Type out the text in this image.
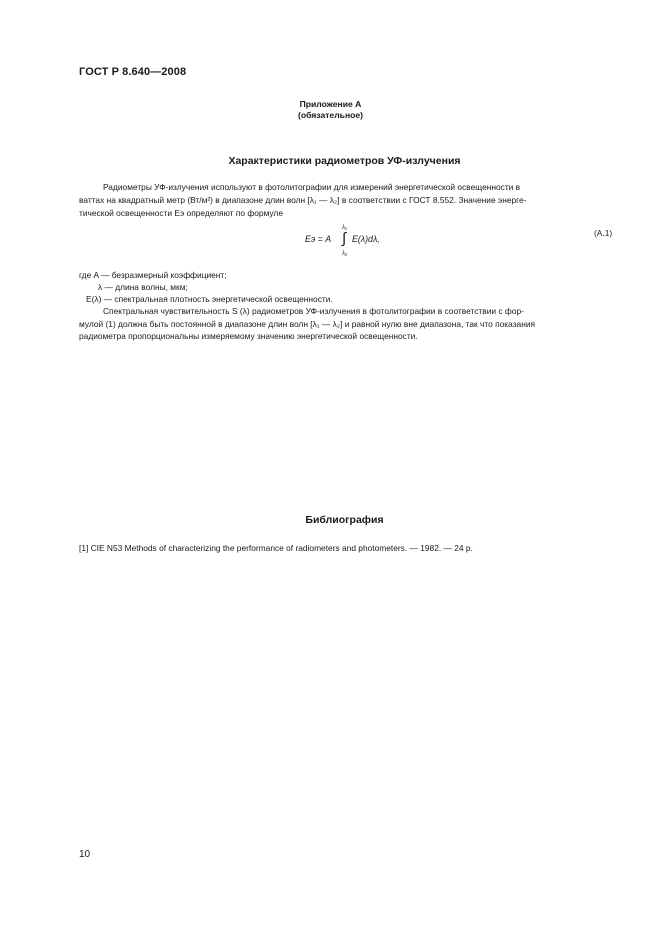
ГОСТ Р 8.640—2008
Приложение А
(обязательное)
Характеристики радиометров УФ-излучения
Радиометры УФ-излучения используют в фотолитографии для измерений энергетической освещенности в
ваттах на квадратный метр (Вт/м²) в диапазоне длин волн [λ₁ — λ₂] в соответствии с ГОСТ 8.552. Значение энерге-
тической освещенности Eэ определяют по формуле
Eэ = A
λ₁
∫
λ₂
E(λ)dλ,
(А.1)
где A — безразмерный коэффициент;
λ — длина волны, мкм;
E(λ) — спектральная плотность энергетической освещенности.
Спектральная чувствительность S (λ) радиометров УФ-излучения в фотолитографии в соответствии с фор-
мулой (1) должна быть постоянной в диапазоне длин волн [λ₁ — λ₂] и равной нулю вне диапазона, так что показания
радиометра пропорциональны измеряемому значению энергетической освещенности.
Библиография
[1] CIE N53 Methods of characterizing the performance of radiometers and photometers. — 1982. — 24 p.
10
